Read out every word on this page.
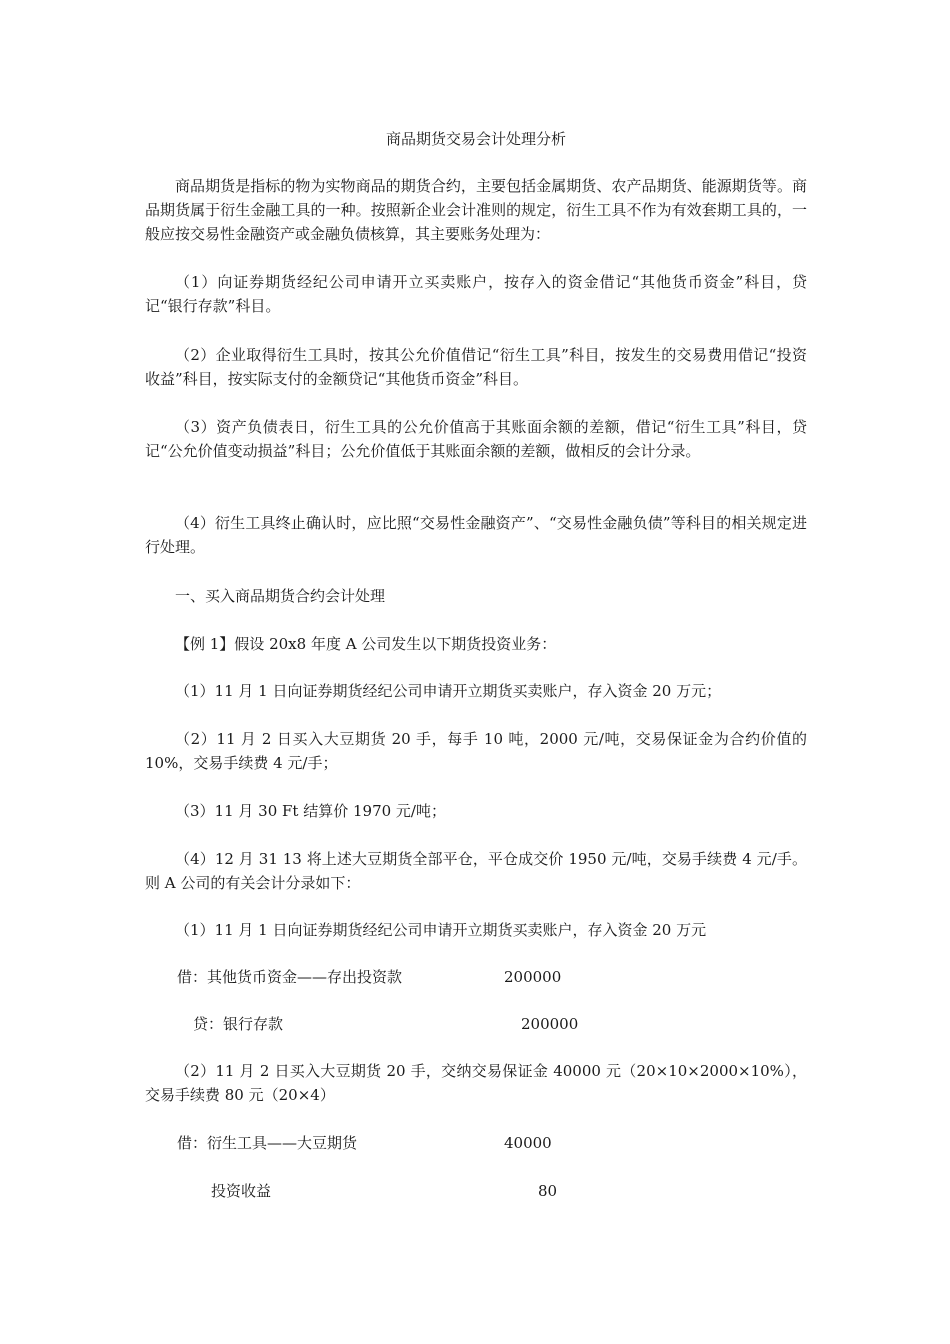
商品期货交易会计处理分析

商品期货是指标的物为实物商品的期货合约，主要包括金属期货、农产品期货、能源期货等。商品期货属于衍生金融工具的一种。按照新企业会计准则的规定，衍生工具不作为有效套期工具的，一般应按交易性金融资产或金融负债核算，其主要账务处理为：

（1）向证券期货经纪公司申请开立买卖账户，按存入的资金借记“其他货币资金”科目，贷记“银行存款”科目。

（2）企业取得衍生工具时，按其公允价值借记“衍生工具”科目，按发生的交易费用借记“投资收益”科目，按实际支付的金额贷记“其他货币资金”科目。

（3）资产负债表日，衍生工具的公允价值高于其账面余额的差额，借记“衍生工具”科目，贷记“公允价值变动损益”科目；公允价值低于其账面余额的差额，做相反的会计分录。

（4）衍生工具终止确认时，应比照“交易性金融资产”、“交易性金融负债”等科目的相关规定进行处理。

一、买入商品期货合约会计处理

【例 1】假设 20x8 年度 A 公司发生以下期货投资业务：

（1）11 月 1 日向证券期货经纪公司申请开立期货买卖账户，存入资金 20 万元；

（2）11 月 2 日买入大豆期货 20 手，每手 10 吨，2000 元/吨，交易保证金为合约价值的 10%，交易手续费 4 元/手；

（3）11 月 30 Ft 结算价 1970 元/吨；

（4）12 月 31 13 将上述大豆期货全部平仓，平仓成交价 1950 元/吨，交易手续费 4 元/手。则 A 公司的有关会计分录如下：

（1）11 月 1 日向证券期货经纪公司申请开立期货买卖账户，存入资金 20 万元

借：其他货币资金——存出投资款	200000
贷：银行存款	200000

（2）11 月 2 日买入大豆期货 20 手，交纳交易保证金 40000 元（20×10×2000×10%），交易手续费 80 元（20×4）

借：衍生工具——大豆期货	40000
投资收益	80
